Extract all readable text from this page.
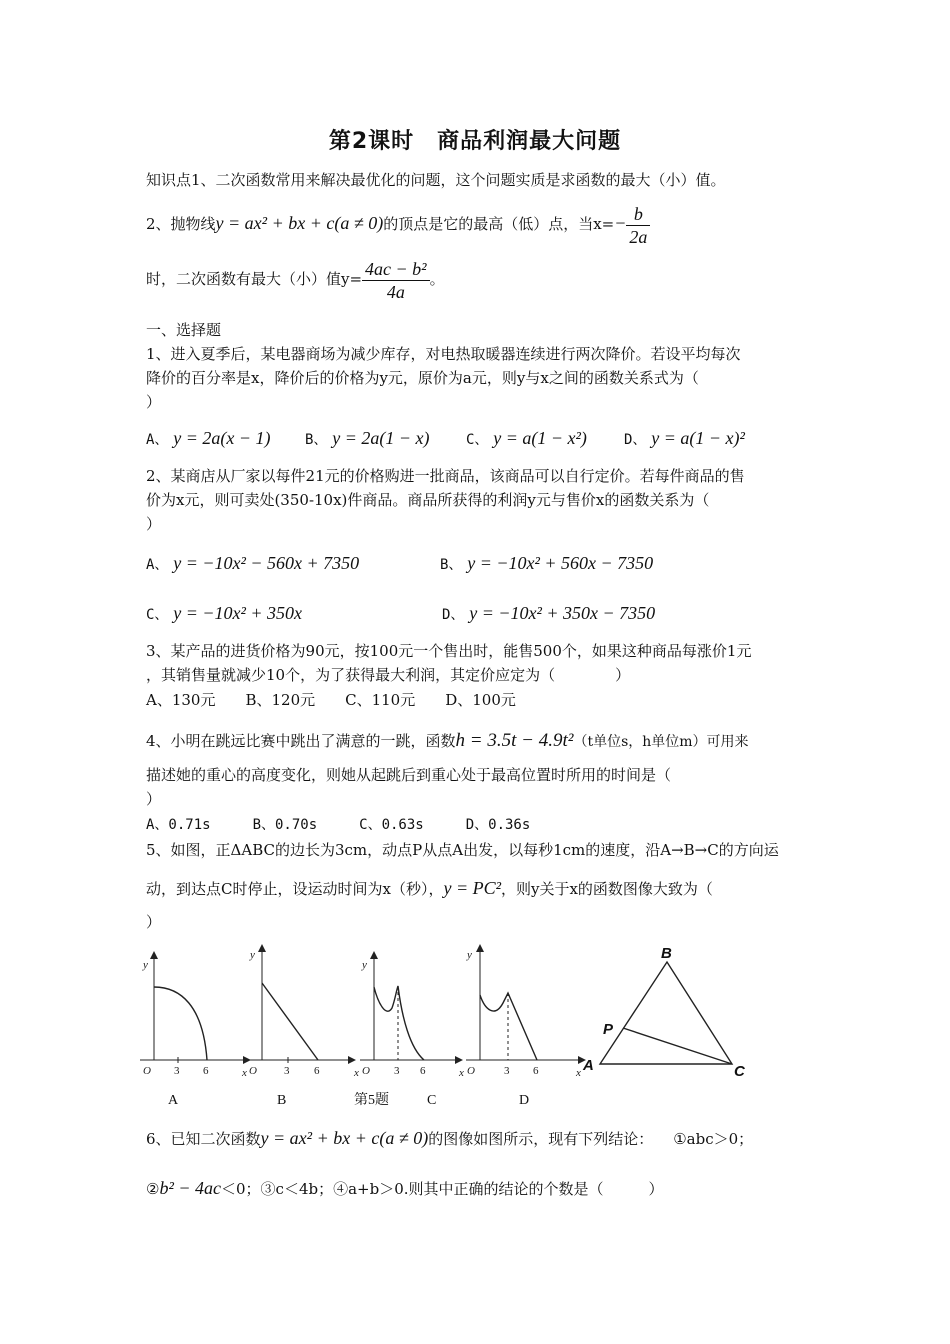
第2课时　商品利润最大问题
知识点1、二次函数常用来解决最优化的问题，这个问题实质是求函数的最大（小）值。
2、抛物线y = ax² + bx + c(a ≠ 0)的顶点是它的最高（低）点，当$x=- \frac{b}{2a}$
时，二次函数有最大（小）值$y= \frac{\text{4ac − b²}}{4a}$ 。
一、选择题
1、进入夏季后，某电器商场为减少库存，对电热取暖器连续进行两次降价。若设平均每次
降价的百分率是x，降价后的价格为y元，原价为a元，则y与x之间的函数关系式为（
）
A、 y = 2a(x − 1) B、 y = 2a(1 − x)	C、 y = a(1 − x²)	D、 y = a(1 − x)²
2、某商店从厂家以每件21元的价格购进一批商品，该商品可以自行定价。若每件商品的售
价为x元，则可卖处(350-10x)件商品。商品所获得的利润y元与售价x的函数关系为（
）
A、 y = −10x² − 560x + 7350	B、 y = −10x² + 560x − 7350
C、 y = −10x² + 350x	D、 y = −10x² + 350x − 7350
3、某产品的进货价格为90元，按100元一个售出时，能售500个，如果这种商品每涨价1元
，其销售量就减少10个，为了获得最大利润，其定价应定为（　　　　）
A、130元　　B、120元　　C、110元　　D、100元
4、小明在跳远比赛中跳出了满意的一跳，函数h = 3.5t − 4.9t²（t单位s，h单位m）可用来
描述她的重心的高度变化，则她从起跳后到重心处于最高位置时所用的时间是（
）
A、0.71s　　　B、0.70s　　　C、0.63s　　　D、0.36s
5、如图，正ΔABC的边长为3cm，动点P从点A出发，以每秒1cm的速度，沿A→B→C的方向运
动，到达点C时停止，设运动时间为x（秒），y = PC²，则y关于x的函数图像大致为（
）
y
O 3 6
y
x O 3 6
y
x O 3 6
y
x O	3 6	x A
B
C
P
A	B	第5题	C	D
6、已知二次函数y = ax² + bx + c(a ≠ 0)的图像如图所示，现有下列结论： ①abc＞0；
②b² − 4ac＜0；③c＜4b；④a+b＞0.则其中正确的结论的个数是（　　　）
